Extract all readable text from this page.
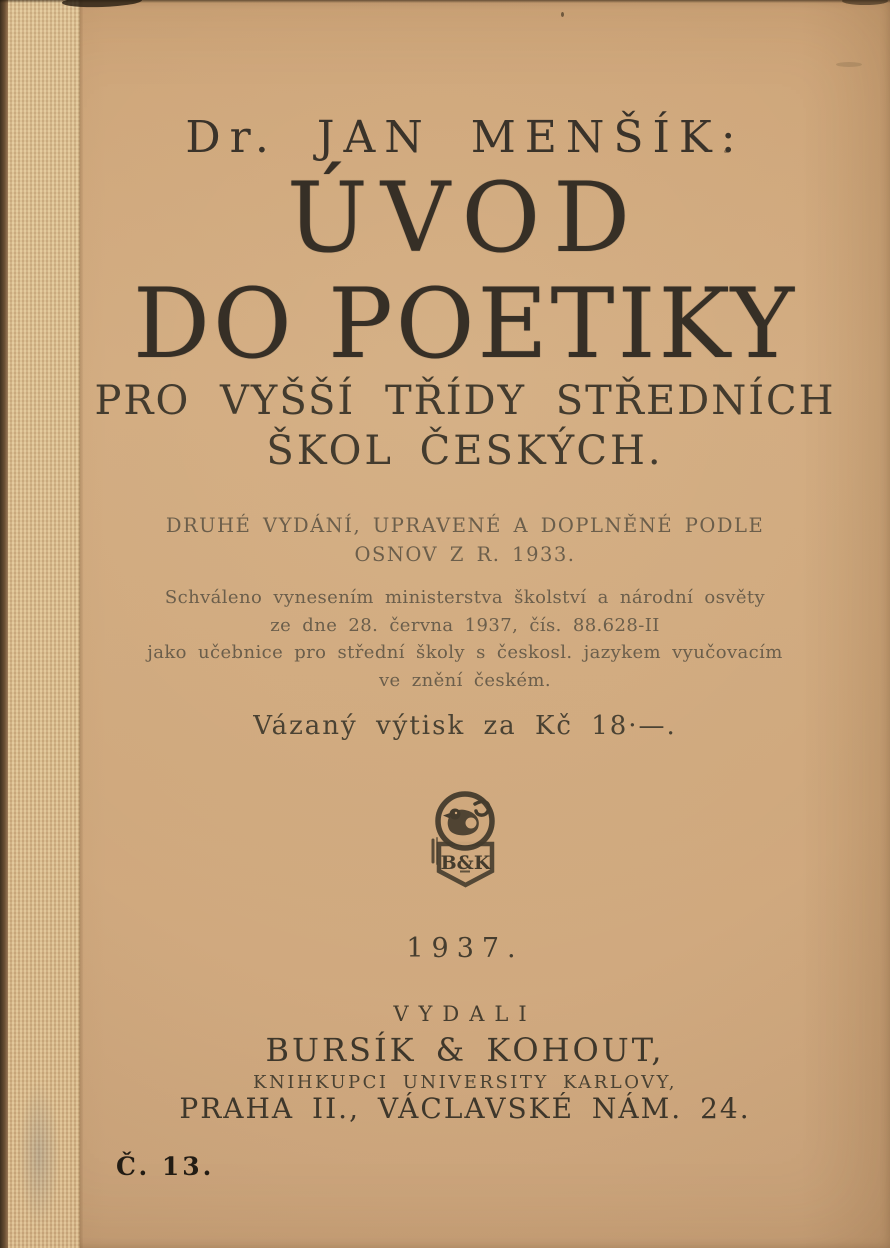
Dr. JAN MENŠÍK:
ÚVOD
DO POETIKY
PRO VYŠŠÍ TŘÍDY STŘEDNÍCH
ŠKOL ČESKÝCH.
DRUHÉ VYDÁNÍ, UPRAVENÉ A DOPLNĚNÉ PODLE
OSNOV Z R. 1933.
Schváleno vynesením ministerstva školství a národní osvěty
ze dne 28. června 1937, čís. 88.628-II
jako učebnice pro střední školy s českosl. jazykem vyučovacím
ve znění českém.
Vázaný výtisk za Kč 18·—.
B&K
1937.
VYDALI
BURSÍK & KOHOUT,
KNIHKUPCI UNIVERSITY KARLOVY,
PRAHA II., VÁCLAVSKÉ NÁM. 24.
Č. 13.
